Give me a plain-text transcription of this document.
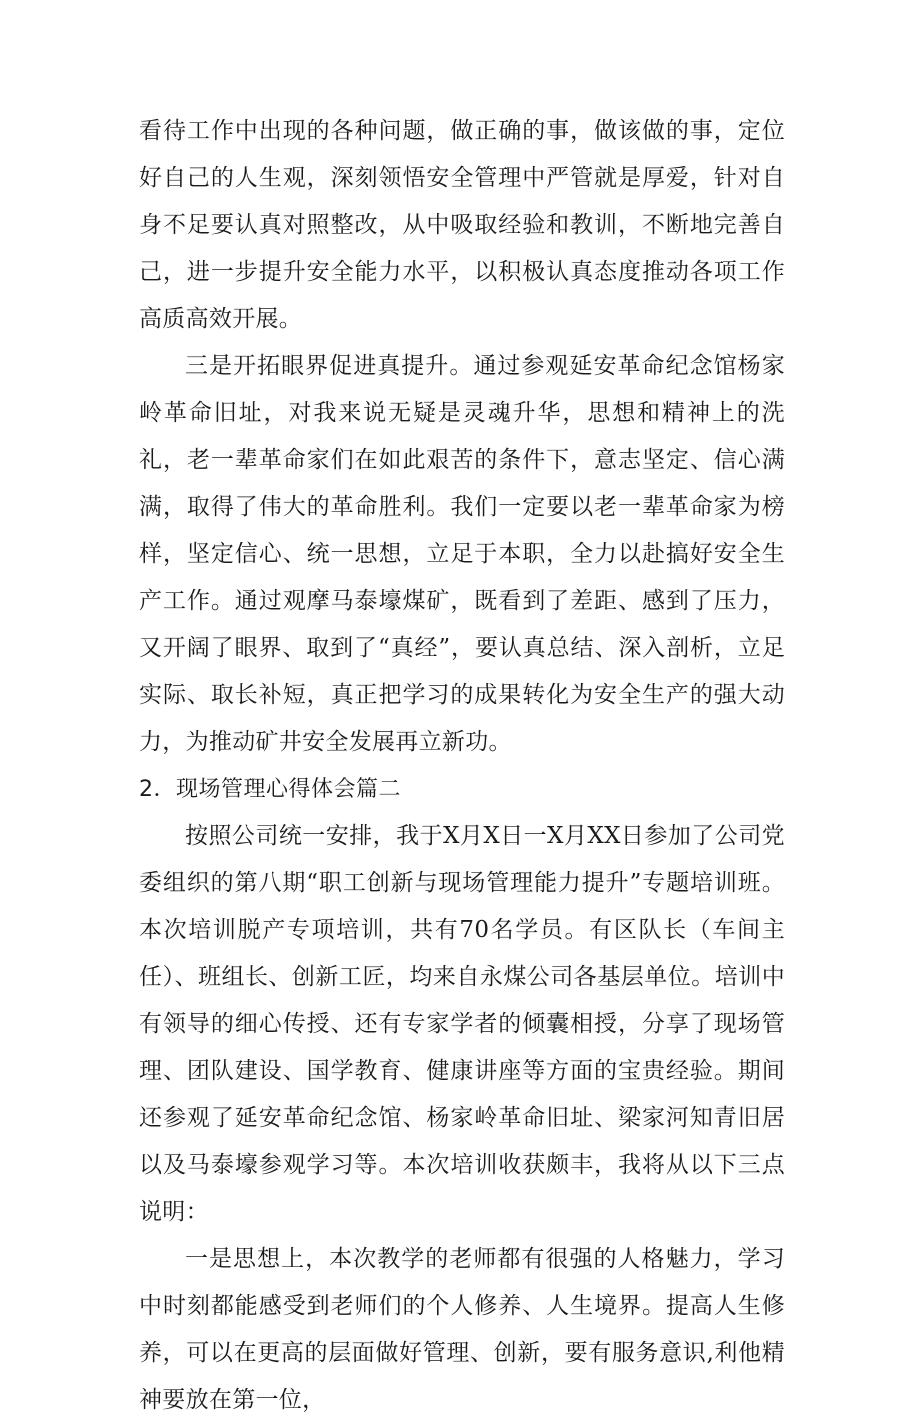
看待工作中出现的各种问题，做正确的事，做该做的事，定位好自己的人生观，深刻领悟安全管理中严管就是厚爱，针对自身不足要认真对照整改，从中吸取经验和教训，不断地完善自己，进一步提升安全能力水平，以积极认真态度推动各项工作高质高效开展。

三是开拓眼界促进真提升。通过参观延安革命纪念馆杨家岭革命旧址，对我来说无疑是灵魂升华，思想和精神上的洗礼，老一辈革命家们在如此艰苦的条件下，意志坚定、信心满满，取得了伟大的革命胜利。我们一定要以老一辈革命家为榜样，坚定信心、统一思想，立足于本职，全力以赴搞好安全生产工作。通过观摩马泰壕煤矿，既看到了差距、感到了压力，又开阔了眼界、取到了“真经”，要认真总结、深入剖析，立足实际、取长补短，真正把学习的成果转化为安全生产的强大动力，为推动矿井安全发展再立新功。

2．现场管理心得体会篇二

按照公司统一安排，我于X月X日一X月XX日参加了公司党委组织的第八期“职工创新与现场管理能力提升”专题培训班。本次培训脱产专项培训，共有70名学员。有区队长（车间主任）、班组长、创新工匠，均来自永煤公司各基层单位。培训中有领导的细心传授、还有专家学者的倾囊相授，分享了现场管理、团队建设、国学教育、健康讲座等方面的宝贵经验。期间还参观了延安革命纪念馆、杨家岭革命旧址、梁家河知青旧居以及马泰壕参观学习等。本次培训收获颇丰，我将从以下三点说明：

一是思想上，本次教学的老师都有很强的人格魅力，学习中时刻都能感受到老师们的个人修养、人生境界。提高人生修养，可以在更高的层面做好管理、创新，要有服务意识,利他精神要放在第一位，
